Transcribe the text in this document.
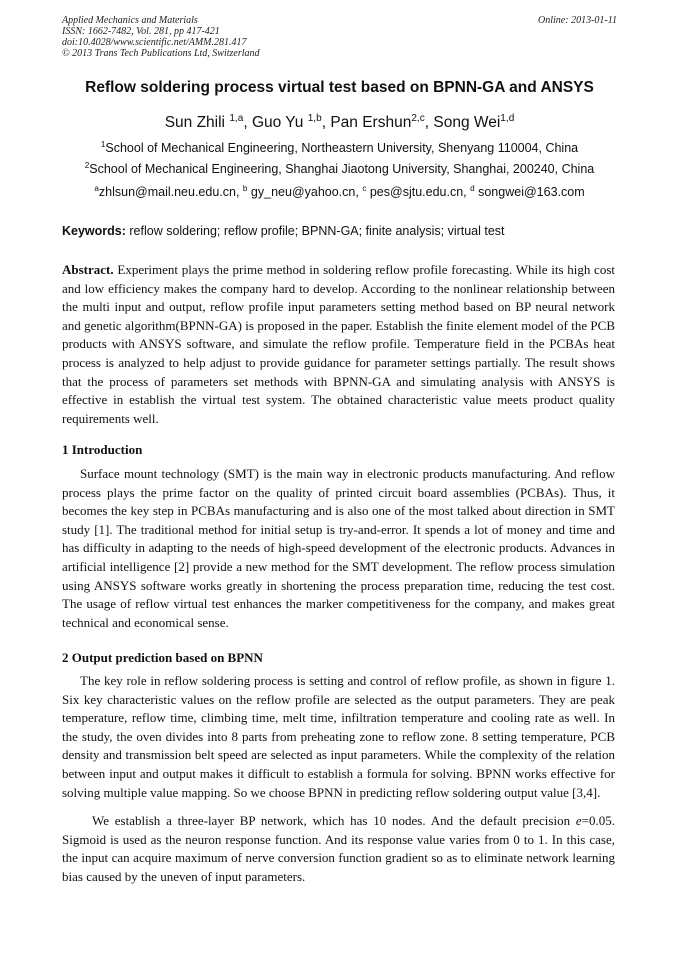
Applied Mechanics and Materials
ISSN: 1662-7482, Vol. 281, pp 417-421
doi:10.4028/www.scientific.net/AMM.281.417
© 2013 Trans Tech Publications Ltd, Switzerland
Online: 2013-01-11
Reflow soldering process virtual test based on BPNN-GA and ANSYS
Sun Zhili $^{1,a}$, Guo Yu $^{1,b}$, Pan Ershun$^{2,c}$, Song Wei$^{1,d}$
$^1$School of Mechanical Engineering, Northeastern University, Shenyang 110004, China
$^2$School of Mechanical Engineering, Shanghai Jiaotong University, Shanghai, 200240, China
$^a$zhlsun@mail.neu.edu.cn, $^b$ gy_neu@yahoo.cn, $^c$ pes@sjtu.edu.cn, $^d$ songwei@163.com
Keywords: reflow soldering; reflow profile; BPNN-GA; finite analysis; virtual test
Abstract. Experiment plays the prime method in soldering reflow profile forecasting. While its high cost and low efficiency makes the company hard to develop. According to the nonlinear relationship between the multi input and output, reflow profile input parameters setting method based on BP neural network and genetic algorithm(BPNN-GA) is proposed in the paper. Establish the finite element model of the PCB products with ANSYS software, and simulate the reflow profile. Temperature field in the PCBAs heat process is analyzed to help adjust to provide guidance for parameter settings partially. The result shows that the process of parameters set methods with BPNN-GA and simulating analysis with ANSYS is effective in establish the virtual test system. The obtained characteristic value meets product quality requirements well.
1 Introduction
Surface mount technology (SMT) is the main way in electronic products manufacturing. And reflow process plays the prime factor on the quality of printed circuit board assemblies (PCBAs). Thus, it becomes the key step in PCBAs manufacturing and is also one of the most talked about direction in SMT study [1]. The traditional method for initial setup is try-and-error. It spends a lot of money and time and has difficulty in adapting to the needs of high-speed development of the electronic products. Advances in artificial intelligence [2] provide a new method for the SMT development. The reflow process simulation using ANSYS software works greatly in shortening the process preparation time, reducing the test cost. The usage of reflow virtual test enhances the marker competitiveness for the company, and makes great technical and economical sense.
2 Output prediction based on BPNN
The key role in reflow soldering process is setting and control of reflow profile, as shown in figure 1. Six key characteristic values on the reflow profile are selected as the output parameters. They are peak temperature, reflow time, climbing time, melt time, infiltration temperature and cooling rate as well. In the study, the oven divides into 8 parts from preheating zone to reflow zone. 8 setting temperature, PCB density and transmission belt speed are selected as input parameters. While the complexity of the relation between input and output makes it difficult to establish a formula for solving. BPNN works effective for solving multiple value mapping. So we choose BPNN in predicting reflow soldering output value [3,4].
We establish a three-layer BP network, which has 10 nodes. And the default precision e=0.05. Sigmoid is used as the neuron response function. And its response value varies from 0 to 1. In this case, the input can acquire maximum of nerve conversion function gradient so as to eliminate network learning bias caused by the uneven of input parameters.
